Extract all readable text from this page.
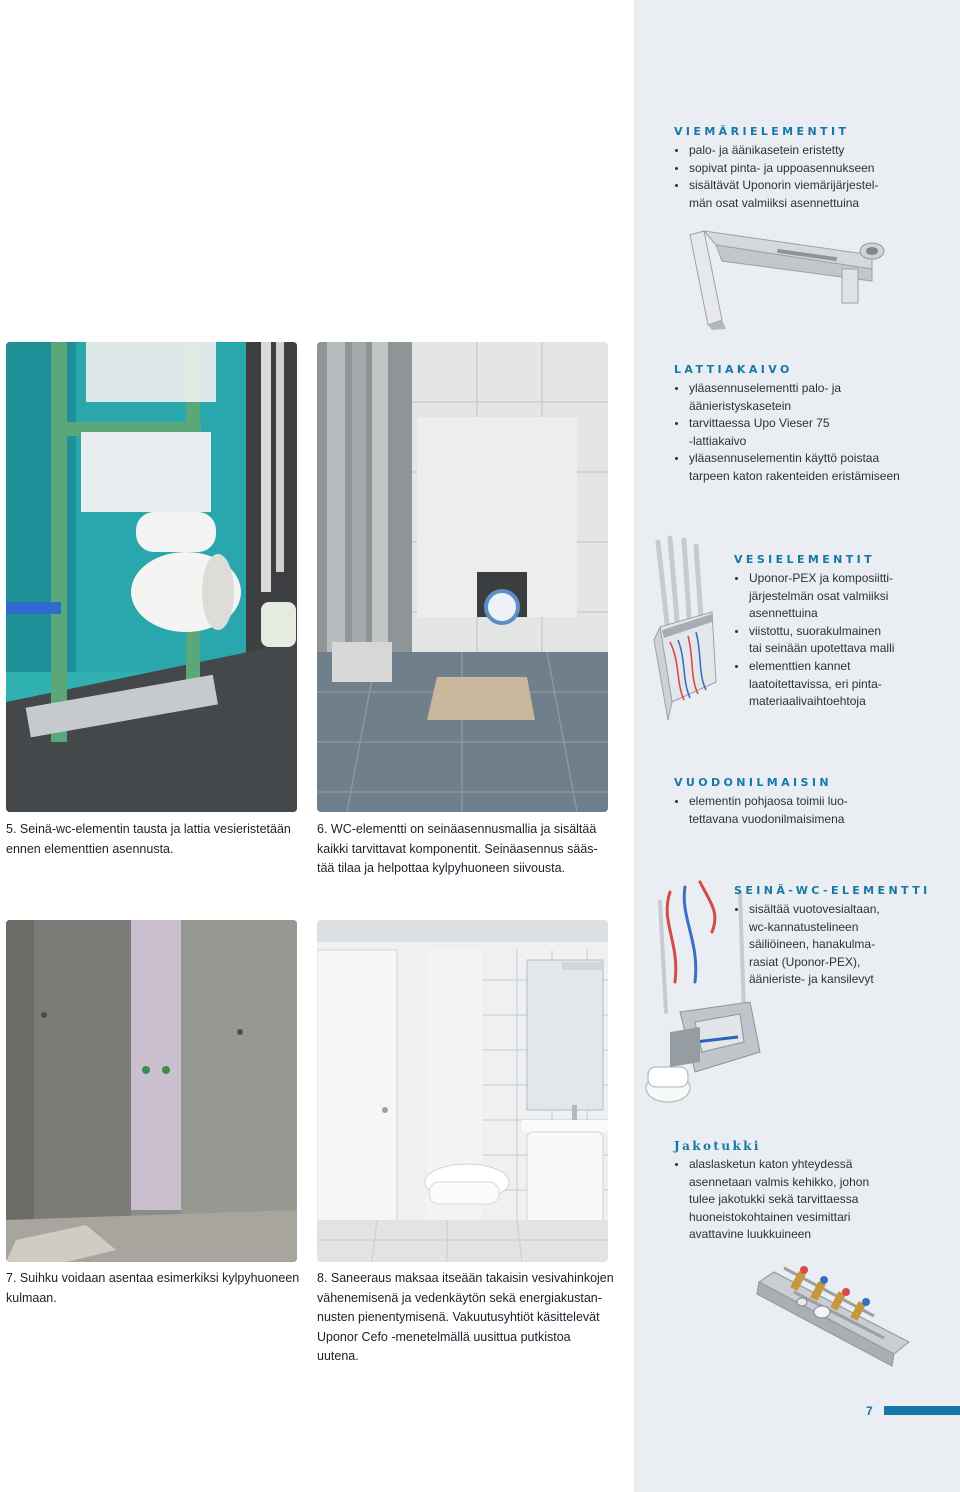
5. Seinä-wc-elementin tausta ja lattia vesieristetään
ennen elementtien asennusta.

6. WC-elementti on seinäasennusmallia ja sisältää
kaikki tarvittavat komponentit. Seinäasennus sääs-
tää tilaa ja helpottaa kylpyhuoneen siivousta.

7. Suihku voidaan asentaa esimerkiksi kylpyhuoneen
kulmaan.

8. Saneeraus maksaa itseään takaisin vesivahinkojen
vähenemisenä ja vedenkäytön sekä energiakustan-
nusten pienentymisenä. Vakuutusyhtiöt käsittelevät
Uponor Cefo -menetelmällä uusittua putkistoa
uutena.

VIEMÄRIELEMENTIT

palo- ja äänikasetein eristetty
sopivat pinta- ja uppoasennukseen
sisältävät Uponorin viemärijärjestel-
män osat valmiiksi asennettuina

LATTIAKAIVO

yläasennuselementti palo- ja
äänieristyskasetein
tarvittaessa Upo Vieser 75
-lattiakaivo
yläasennuselementin käyttö poistaa
tarpeen katon rakenteiden eristämiseen

VESIELEMENTIT

Uponor-PEX ja komposiitti-
järjestelmän osat valmiiksi
asennettuina
viistottu, suorakulmainen
tai seinään upotettava malli
elementtien kannet
laatoitettavissa, eri pinta-
materiaalivaihtoehtoja

VUODONILMAISIN

elementin pohjaosa toimii luo-
tettavana vuodonilmaisimena

SEINÄ-WC-ELEMENTTI

sisältää vuotovesialtaan,
wc-kannatustelineen
säiliöineen, hanakulma-
rasiat (Uponor-PEX),
äänieriste- ja kansilevyt

Jakotukki

alaslasketun katon yhteydessä
asennetaan valmis kehikko, johon
tulee jakotukki sekä tarvittaessa
huoneistokohtainen vesimittari
avattavine luukkuineen
7
